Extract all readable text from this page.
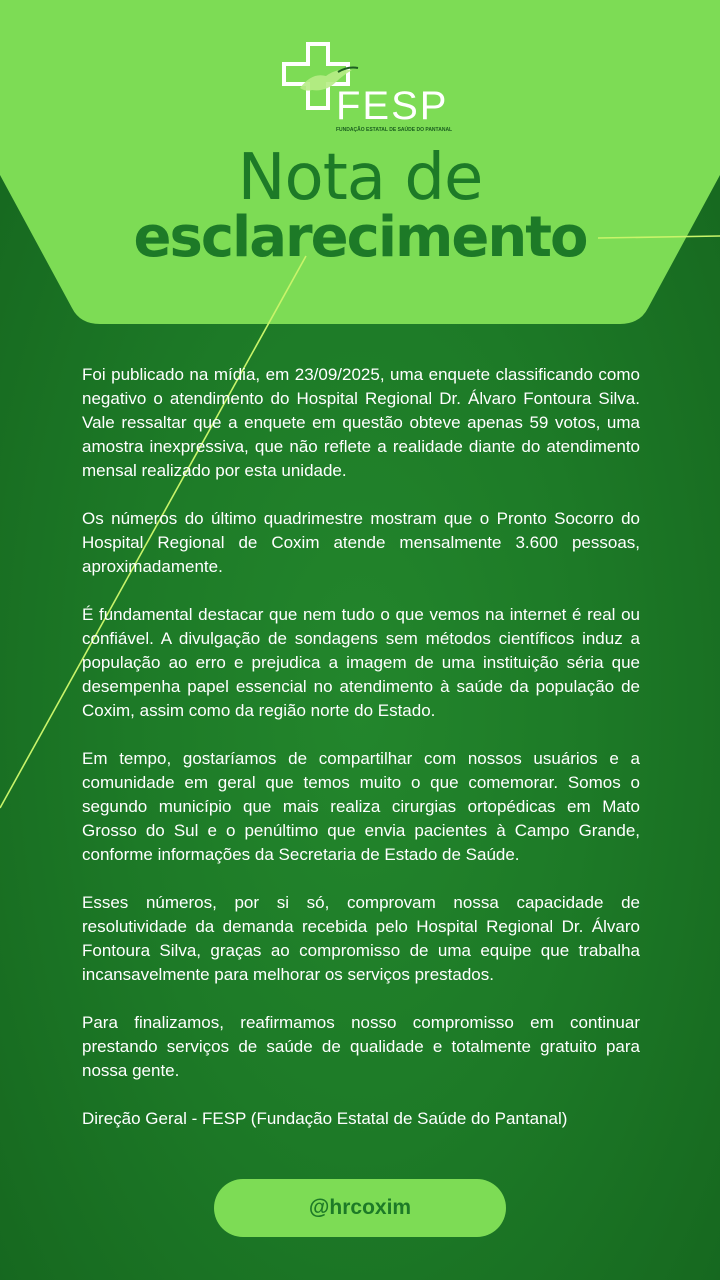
FESP
FUNDAÇÃO ESTATAL DE SAÚDE DO PANTANAL
Nota de
esclarecimento

Foi publicado na mídia, em 23/09/2025, uma enquete classificando como negativo o atendimento do Hospital Regional Dr. Álvaro Fontoura Silva. Vale ressaltar que a enquete em questão obteve apenas 59 votos, uma amostra inexpressiva, que não reflete a realidade diante do atendimento mensal realizado por esta unidade.

Os números do último quadrimestre mostram que o Pronto Socorro do Hospital Regional de Coxim atende mensalmente 3.600 pessoas, aproximadamente.

É fundamental destacar que nem tudo o que vemos na internet é real ou confiável. A divulgação de sondagens sem métodos científicos induz a população ao erro e prejudica a imagem de uma instituição séria que desempenha papel essencial no atendimento à saúde da população de Coxim, assim como da região norte do Estado.

Em tempo, gostaríamos de compartilhar com nossos usuários e a comunidade em geral que temos muito o que comemorar. Somos o segundo município que mais realiza cirurgias ortopédicas em Mato Grosso do Sul e o penúltimo que envia pacientes à Campo Grande, conforme informações da Secretaria de Estado de Saúde.

Esses números, por si só, comprovam nossa capacidade de resolutividade da demanda recebida pelo Hospital Regional Dr. Álvaro Fontoura Silva, graças ao compromisso de uma equipe que trabalha incansavelmente para melhorar os serviços prestados.

Para finalizamos, reafirmamos nosso compromisso em continuar prestando serviços de saúde de qualidade e totalmente gratuito para nossa gente.

Direção Geral - FESP (Fundação Estatal de Saúde do Pantanal)

@hrcoxim
